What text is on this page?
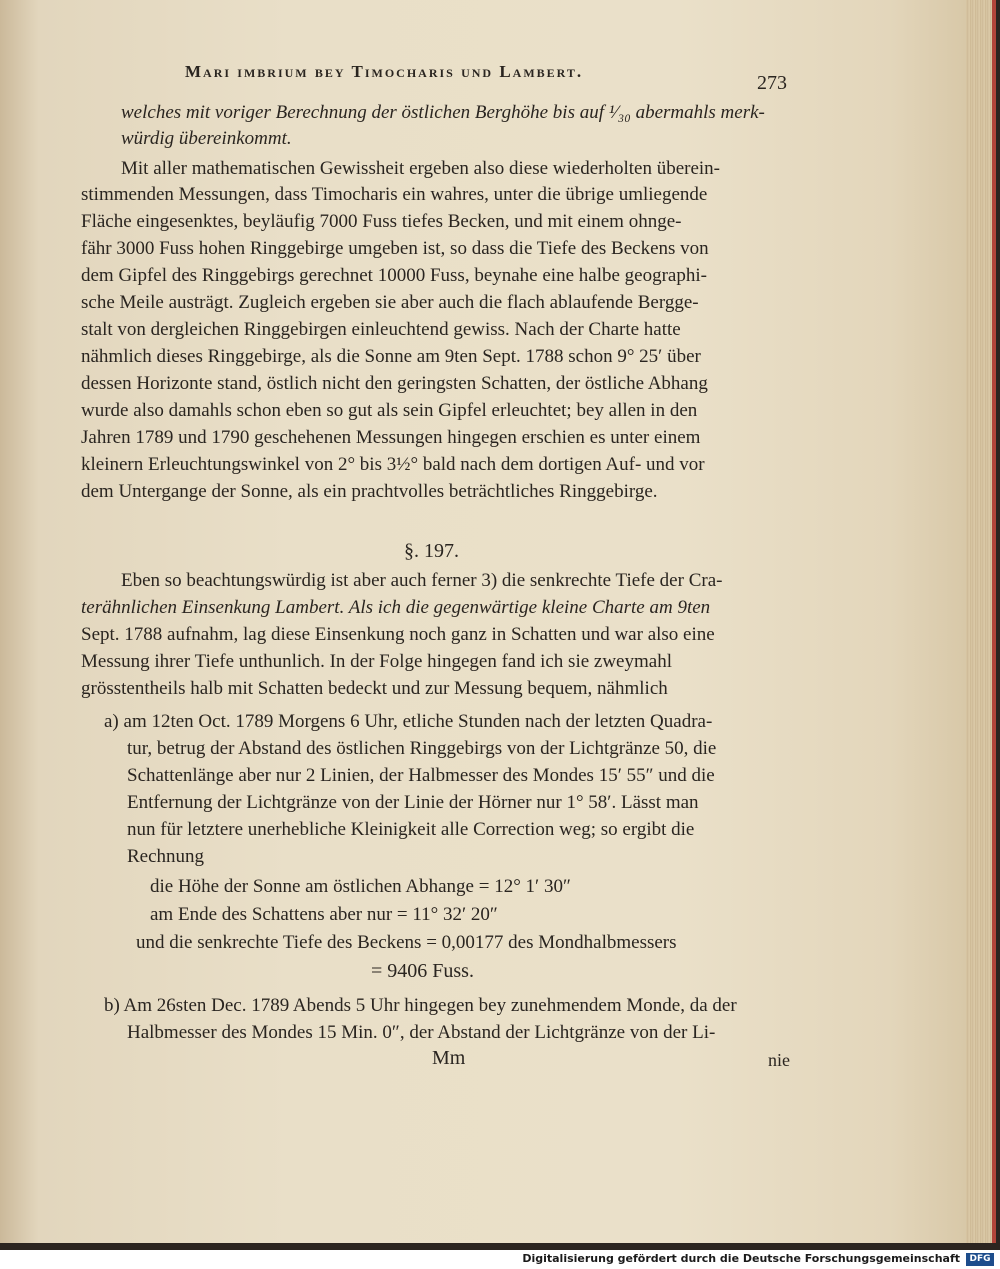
Mari imbrium bey Timocharis und Lambert.

273

welches mit voriger Berechnung der östlichen Berghöhe bis auf ¹⁄₃₀ abermahls merk-

würdig übereinkommt.

Mit aller mathematischen Gewissheit ergeben also diese wiederholten überein-

stimmenden Messungen, dass Timocharis ein wahres, unter die übrige umliegende

Fläche eingesenktes, beyläufig 7000 Fuss tiefes Becken, und mit einem ohnge-

fähr 3000 Fuss hohen Ringgebirge umgeben ist, so dass die Tiefe des Beckens von

dem Gipfel des Ringgebirgs gerechnet 10000 Fuss, beynahe eine halbe geographi-

sche Meile austrägt. Zugleich ergeben sie aber auch die flach ablaufende Bergge-

stalt von dergleichen Ringgebirgen einleuchtend gewiss. Nach der Charte hatte

nähmlich dieses Ringgebirge, als die Sonne am 9ten Sept. 1788 schon 9° 25′ über

dessen Horizonte stand, östlich nicht den geringsten Schatten, der östliche Abhang

wurde also damahls schon eben so gut als sein Gipfel erleuchtet; bey allen in den

Jahren 1789 und 1790 geschehenen Messungen hingegen erschien es unter einem

kleinern Erleuchtungswinkel von 2° bis 3½° bald nach dem dortigen Auf- und vor

dem Untergange der Sonne, als ein prachtvolles beträchtliches Ringgebirge.

§. 197.

Eben so beachtungswürdig ist aber auch ferner 3) die senkrechte Tiefe der Cra-

terähnlichen Einsenkung Lambert. Als ich die gegenwärtige kleine Charte am 9ten

Sept. 1788 aufnahm, lag diese Einsenkung noch ganz in Schatten und war also eine

Messung ihrer Tiefe unthunlich. In der Folge hingegen fand ich sie zweymahl

grösstentheils halb mit Schatten bedeckt und zur Messung bequem, nähmlich

a) am 12ten Oct. 1789 Morgens 6 Uhr, etliche Stunden nach der letzten Quadra-

tur, betrug der Abstand des östlichen Ringgebirgs von der Lichtgränze 50, die

Schattenlänge aber nur 2 Linien, der Halbmesser des Mondes 15′ 55″ und die

Entfernung der Lichtgränze von der Linie der Hörner nur 1° 58′. Lässt man

nun für letztere unerhebliche Kleinigkeit alle Correction weg; so ergibt die

Rechnung

die Höhe der Sonne am östlichen Abhange = 12° 1′ 30″

am Ende des Schattens aber nur = 11° 32′ 20″

und die senkrechte Tiefe des Beckens = 0,00177 des Mondhalbmessers

= 9406 Fuss.

b) Am 26sten Dec. 1789 Abends 5 Uhr hingegen bey zunehmendem Monde, da der

Halbmesser des Mondes 15 Min. 0″, der Abstand der Lichtgränze von der Li-

Mm	nie

Digitalisierung gefördert durch die Deutsche Forschungsgemeinschaft	DFG
